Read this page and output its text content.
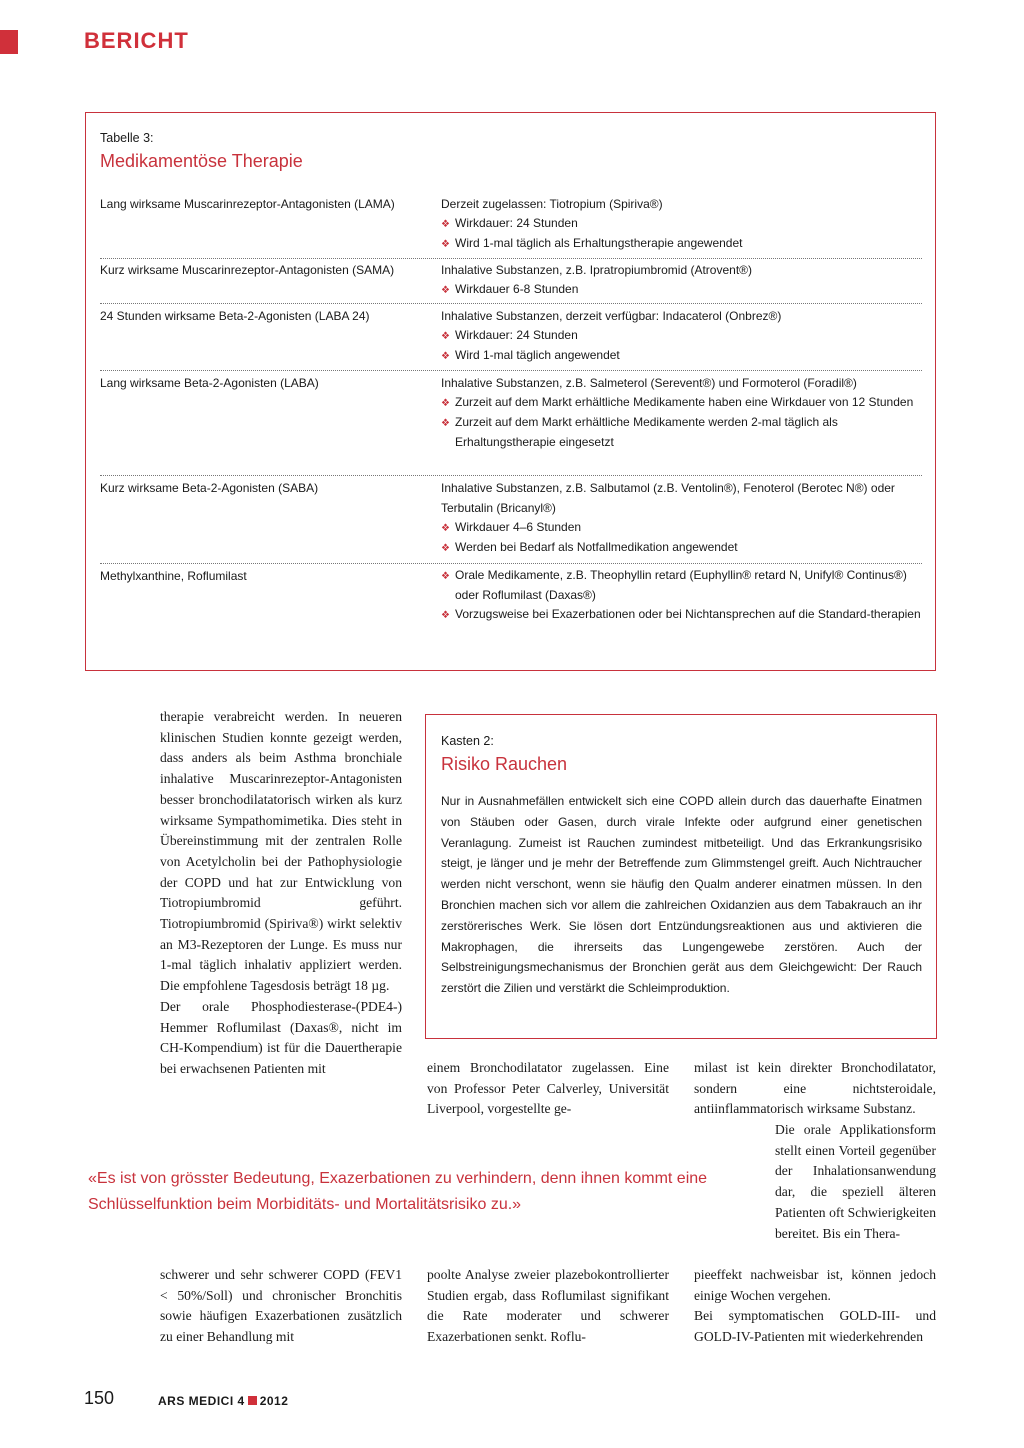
BERICHT
Tabelle 3:
Medikamentöse Therapie
Lang wirksame Muscarinrezeptor-Antagonisten (LAMA)	Derzeit zugelassen: Tiotropium (Spiriva®)
❖ Wirkdauer: 24 Stunden
❖ Wird 1-mal täglich als Erhaltungstherapie angewendet
Kurz wirksame Muscarinrezeptor-Antagonisten (SAMA)	Inhalative Substanzen, z.B. Ipratropiumbromid (Atrovent®)
❖ Wirkdauer 6-8 Stunden
24 Stunden wirksame Beta-2-Agonisten (LABA 24)	Inhalative Substanzen, derzeit verfügbar: Indacaterol (Onbrez®)
❖ Wirkdauer: 24 Stunden
❖ Wird 1-mal täglich angewendet
Lang wirksame Beta-2-Agonisten (LABA)	Inhalative Substanzen, z.B. Salmeterol (Serevent®) und Formoterol (Foradil®)
❖ Zurzeit auf dem Markt erhältliche Medikamente haben eine Wirkdauer von 12 Stunden
❖ Zurzeit auf dem Markt erhältliche Medikamente werden 2-mal täglich als Erhaltungstherapie eingesetzt
Kurz wirksame Beta-2-Agonisten (SABA)	Inhalative Substanzen, z.B. Salbutamol (z.B. Ventolin®), Fenoterol (Berotec N®) oder Terbutalin (Bricanyl®)
❖ Wirkdauer 4–6 Stunden
❖ Werden bei Bedarf als Notfallmedikation angewendet
Methylxanthine, Roflumilast
❖	Orale Medikamente, z.B. Theophyllin retard (Euphyllin® retard N, Unifyl® Continus®) oder Roflumilast (Daxas®)
❖ Vorzugsweise bei Exazerbationen oder bei Nichtansprechen auf die Standard-therapien

therapie verabreicht werden. In neueren klinischen Studien konnte gezeigt werden, dass anders als beim Asthma bronchiale inhalative Muscarinrezeptor-Antagonisten besser bronchodilatatorisch wirken als kurz wirksame Sympathomimetika. Dies steht in Übereinstimmung mit der zentralen Rolle von Acetylcholin bei der Pathophysiologie der COPD und hat zur Entwicklung von Tiotropiumbromid geführt. Tiotropiumbromid (Spiriva®) wirkt selektiv an M3-Rezeptoren der Lunge. Es muss nur 1-mal täglich inhalativ appliziert werden. Die empfohlene Tagesdosis beträgt 18 µg.

Der orale Phosphodiesterase-(PDE4-) Hemmer Roflumilast (Daxas®, nicht im CH-Kompendium) ist für die Dauertherapie bei erwachsenen Patienten mit

Kasten 2:
Risiko Rauchen
Nur in Ausnahmefällen entwickelt sich eine COPD allein durch das dauerhafte Einatmen von Stäuben oder Gasen, durch virale Infekte oder aufgrund einer genetischen Veranlagung. Zumeist ist Rauchen zumindest mitbeteiligt. Und das Erkrankungsrisiko steigt, je länger und je mehr der Betreffende zum Glimmstengel greift. Auch Nichtraucher werden nicht verschont, wenn sie häufig den Qualm anderer einatmen müssen. In den Bronchien machen sich vor allem die zahlreichen Oxidanzien aus dem Tabakrauch an ihr zerstörerisches Werk. Sie lösen dort Entzündungsreaktionen aus und aktivieren die Makrophagen, die ihrerseits das Lungengewebe zerstören. Auch der Selbstreinigungsmechanismus der Bronchien gerät aus dem Gleichgewicht: Der Rauch zerstört die Zilien und verstärkt die Schleimproduktion.
einem Bronchodilatator zugelassen. Eine von Professor Peter Calverley, Universität Liverpool, vorgestellte ge-
milast ist kein direkter Bronchodilatator, sondern eine nichtsteroidale, antiinflammatorisch wirksame Substanz.
Die orale Applikationsform stellt einen Vorteil gegenüber der Inhalationsanwendung dar, die speziell älteren Patienten oft Schwierigkeiten bereitet. Bis ein Thera-
«Es ist von grösster Bedeutung, Exazerbationen zu verhindern, denn ihnen kommt eine Schlüsselfunktion beim Morbiditäts- und Mortalitätsrisiko zu.»
schwerer und sehr schwerer COPD (FEV1 < 50%/Soll) und chronischer Bronchitis sowie häufigen Exazerbationen zusätzlich zu einer Behandlung mit
poolte Analyse zweier plazebokontrollierter Studien ergab, dass Roflumilast signifikant die Rate moderater und schwerer Exazerbationen senkt. Roflu-

pieeffekt nachweisbar ist, können jedoch einige Wochen vergehen.

Bei symptomatischen GOLD-III- und GOLD-IV-Patienten mit wiederkehrenden

150	ARS MEDICI 4 2012
